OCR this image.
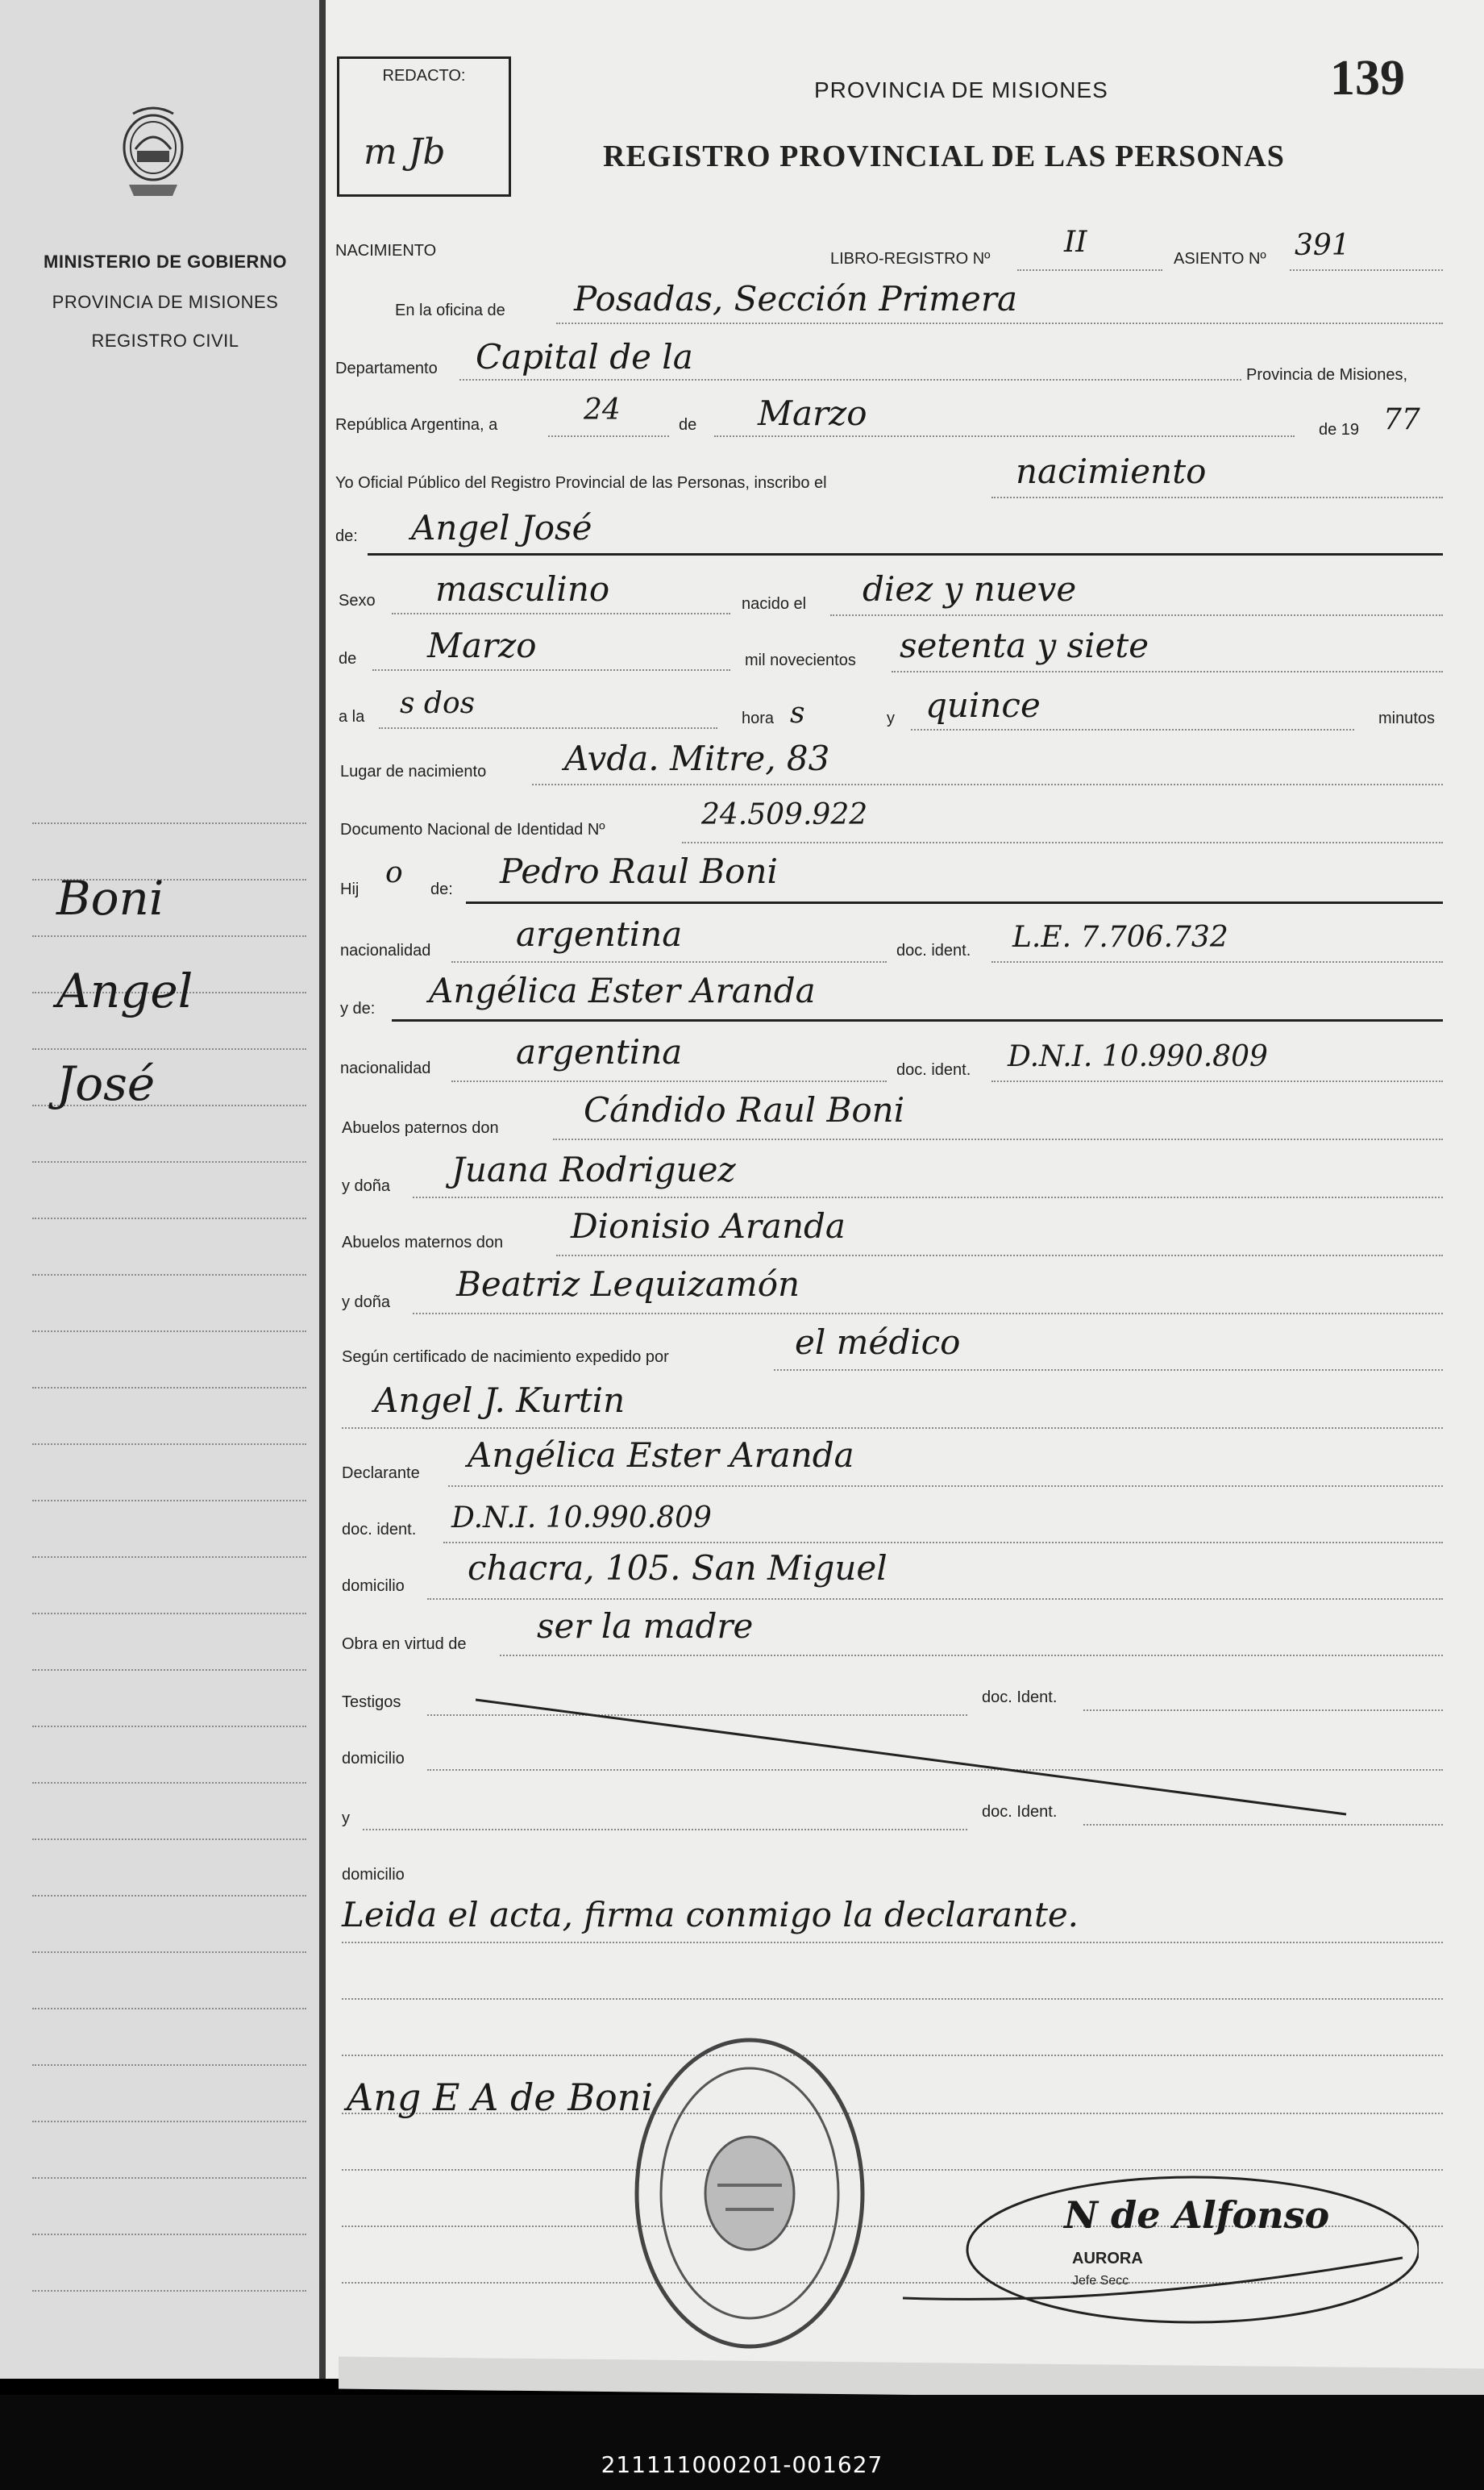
211111000201-001627
MINISTERIO DE GOBIERNO
PROVINCIA DE MISIONES
REGISTRO CIVIL
Boni
Angel
José
REDACTO:
m Jb
PROVINCIA DE MISIONES	139
REGISTRO PROVINCIAL DE LAS PERSONAS
NACIMIENTO	LIBRO-REGISTRO Nº	II	ASIENTO Nº 391
En la oficina de Posadas, Sección Primera
Departamento Capital de la	Provincia de Misiones,
República Argentina, a	24	de Marzo	de 19 77
Yo Oficial Público del Registro Provincial de las Personas, inscribo el	nacimiento
de: Angel José
Sexo masculino	nacido el diez y nueve
de Marzo	mil novecientos setenta y siete
a la s dos	hora s	y quince	minutos
Lugar de nacimiento Avda. Mitre, 83
Documento Nacional de Identidad Nº	24.509.922
Hij o de: Pedro Raul Boni
nacionalidad	argentina	doc. ident. L.E. 7.706.732
y de: Angélica Ester Aranda
nacionalidad	argentina	doc. ident. D.N.I. 10.990.809
Abuelos paternos don	Cándido Raul Boni
y doña Juana Rodriguez
Abuelos maternos don Dionisio Aranda
y doña Beatriz Lequizamón
Según certificado de nacimiento expedido por	el médico
Angel J. Kurtin
Declarante Angélica Ester Aranda
doc. ident. D.N.I. 10.990.809
domicilio chacra, 105. San Miguel
Obra en virtud de ser la madre
Testigos	doc. Ident.
domicilio
y	doc. Ident.
domicilio
Leida el acta, firma conmigo la declarante.
Ang E A de Boni
N de Alfonso
AURORA
Jefe Secc
